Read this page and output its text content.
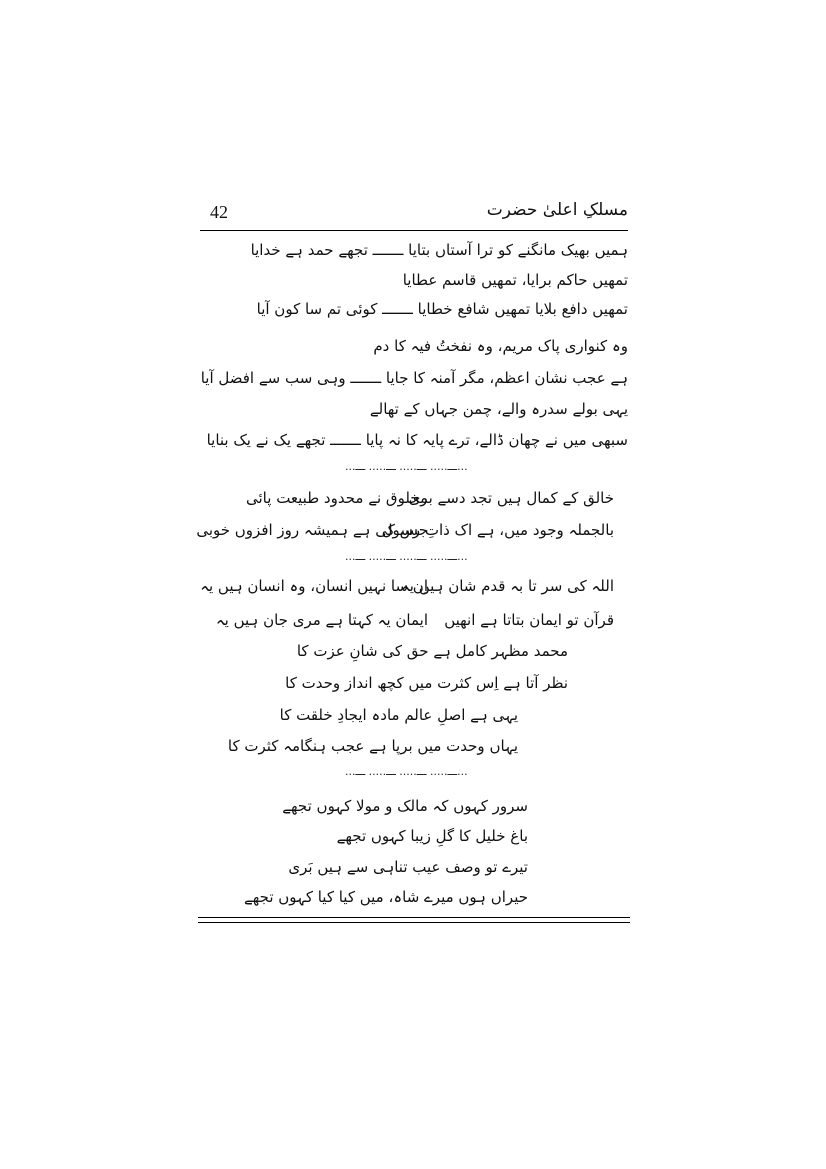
مسلکِ اعلیٰ حضرت
42
ہمیں بھیک مانگنے کو ترا آستاں بتایا ـــــــ تجھے حمد ہے خدایا
تمھیں حاکم برایا، تمھیں قاسم عطایا
تمھیں دافع بلایا تمھیں شافع خطایا ـــــــ کوئی تم سا کون آیا
وہ کنواری پاک مریم، وہ نفختُ فیہ کا دم
ہے عجب نشان اعظم، مگر آمنہ کا جایا ـــــــ وہی سب سے افضل آیا
یہی بولے سدرہ والے، چمن جہاں کے تھالے
سبھی میں نے چھان ڈالے، ترے پایہ کا نہ پایا ـــــــ تجھے یک نے یک بنایا
...ـــ..... ـــ..... ـــ..... ـــ...
خالق کے کمال ہیں تجد دسے بری
مخلوق نے محدود طبیعت پائی
بالجملہ وجود میں، ہے اک ذاتِ رسول
جس کی ہے ہمیشہ روز افزوں خوبی
...ـــ..... ـــ..... ـــ..... ـــ...
اللہ کی سر تا بہ قدم شان ہیں یہ
اِن سا نہیں انسان، وہ انسان ہیں یہ
قرآن تو ایمان بتاتا ہے انھیں
ایمان یہ کہتا ہے مری جان ہیں یہ
محمد مظہر کامل ہے حق کی شانِ عزت کا
نظر آتا ہے اِس کثرت میں کچھ انداز وحدت کا
یہی ہے اصلِ عالم مادہ ایجادِ خلقت کا
یہاں وحدت میں برپا ہے عجب ہنگامہ کثرت کا
...ـــ..... ـــ..... ـــ..... ـــ...
سرور کہوں کہ مالک و مولا کہوں تجھے
باغ خلیل کا گلِ زیبا کہوں تجھے
تیرے تو وصف عیب تناہی سے ہیں بَری
حیراں ہوں میرے شاہ، میں کیا کیا کہوں تجھے
